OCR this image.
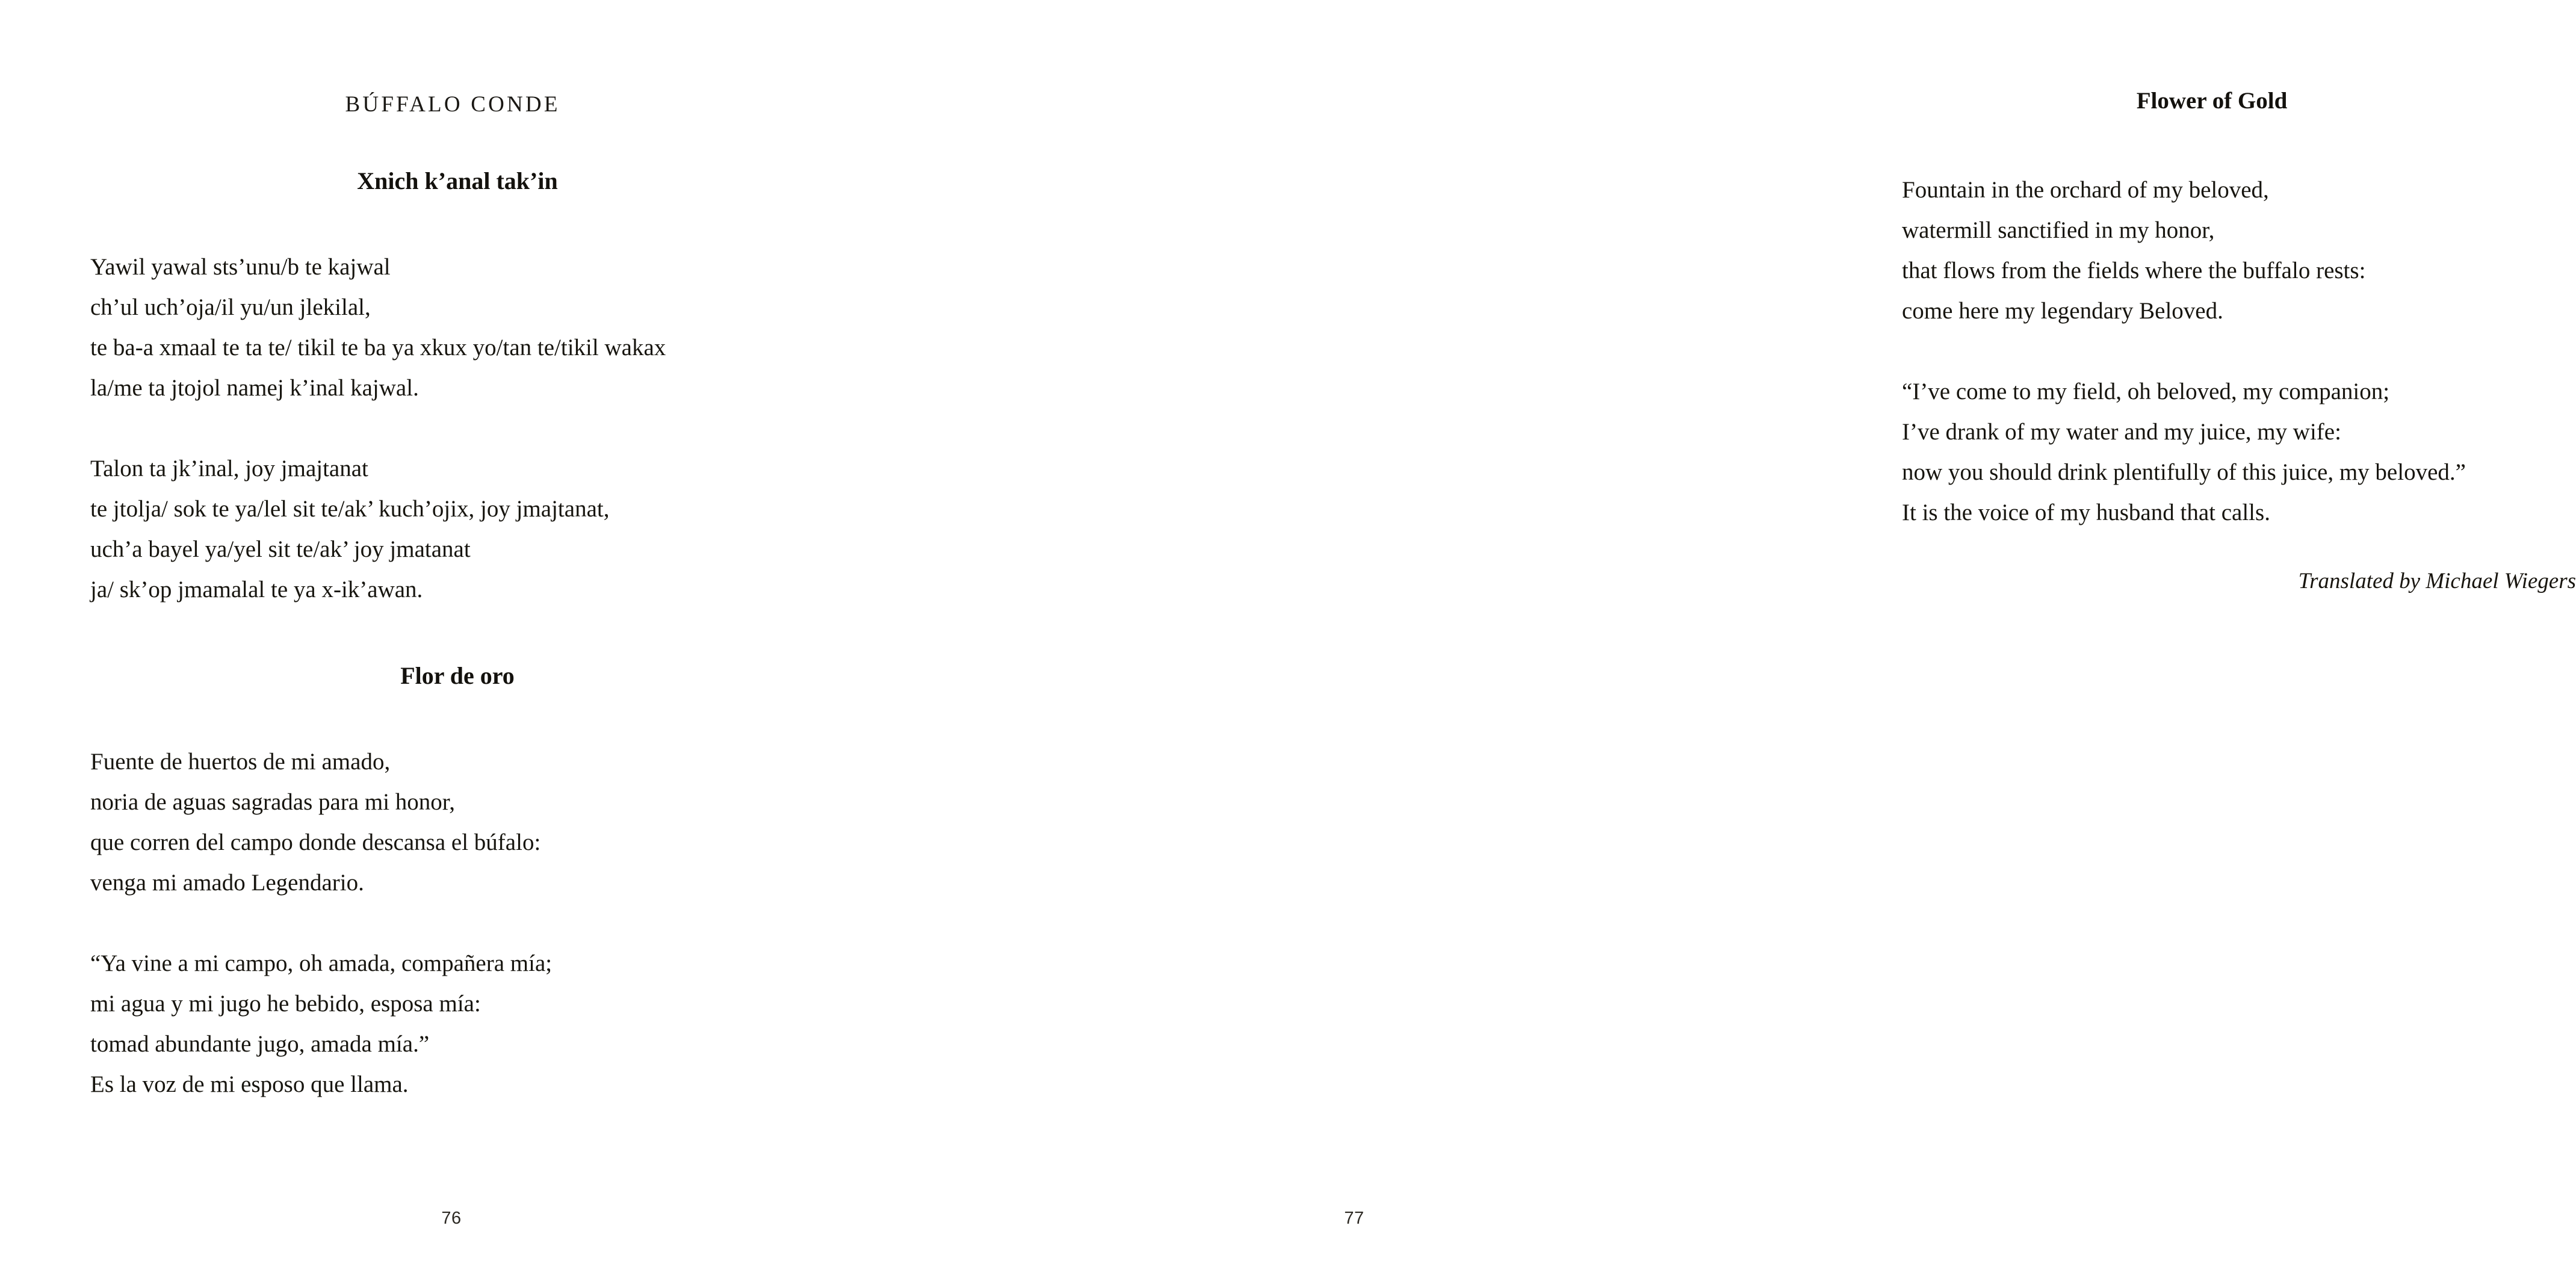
BÚFFALO CONDE
Xnich k’anal tak’in
Yawil yawal sts’unu/b te kajwal
ch’ul uch’oja/il yu/un jlekilal,
te ba-a xmaal te ta te/ tikil te ba ya xkux yo/tan te/tikil wakax
la/me ta jtojol namej k’inal kajwal.

Talon ta jk’inal, joy jmajtanat
te jtolja/ sok te ya/lel sit te/ak’ kuch’ojix, joy jmajtanat,
uch’a bayel ya/yel sit te/ak’ joy jmatanat
ja/ sk’op jmamalal te ya x-ik’awan.
Flor de oro
Fuente de huertos de mi amado,
noria de aguas sagradas para mi honor,
que corren del campo donde descansa el búfalo:
venga mi amado Legendario.

“Ya vine a mi campo, oh amada, compañera mía;
mi agua y mi jugo he bebido, esposa mía:
tomad abundante jugo, amada mía.”
Es la voz de mi esposo que llama.
76
Flower of Gold
Fountain in the orchard of my beloved,
watermill sanctified in my honor,
that flows from the fields where the buffalo rests:
come here my legendary Beloved.

“I’ve come to my field, oh beloved, my companion;
I’ve drank of my water and my juice, my wife:
now you should drink plentifully of this juice, my beloved.”
It is the voice of my husband that calls.
Translated by Michael Wiegers
77
